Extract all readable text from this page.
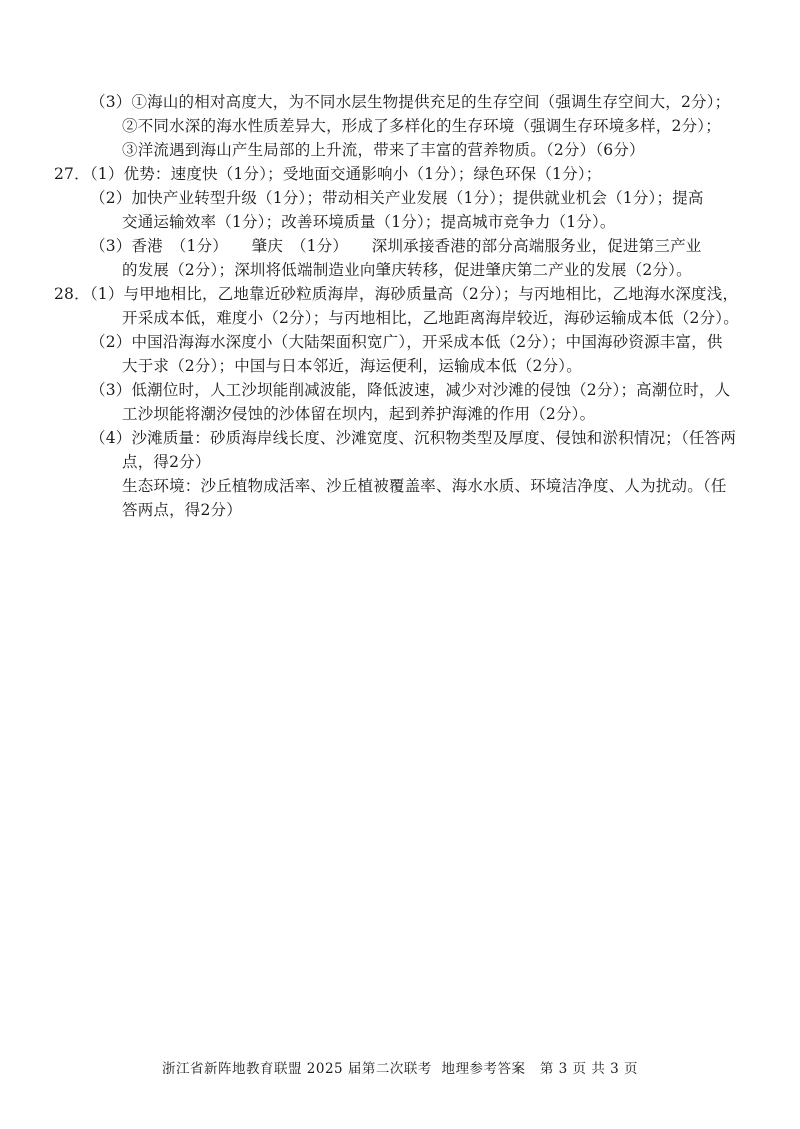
（3）①海山的相对高度大，为不同水层生物提供充足的生存空间（强调生存空间大，2分）；
②不同水深的海水性质差异大，形成了多样化的生存环境（强调生存环境多样，2分）；
③洋流遇到海山产生局部的上升流，带来了丰富的营养物质。（2分）（6分）
27．（1）优势：速度快（1分）；受地面交通影响小（1分）；绿色环保（1分）；
（2）加快产业转型升级（1分）；带动相关产业发展（1分）；提供就业机会（1分）；提高
交通运输效率（1分）；改善环境质量（1分）；提高城市竞争力（1分）。
（3）香港　（1分）　　肇庆　（1分）　　深圳承接香港的部分高端服务业，促进第三产业
的发展（2分）；深圳将低端制造业向肇庆转移，促进肇庆第二产业的发展（2分）。
28．（1）与甲地相比，乙地靠近砂粒质海岸，海砂质量高（2分）；与丙地相比，乙地海水深度浅，
开采成本低，难度小（2分）；与丙地相比，乙地距离海岸较近，海砂运输成本低（2分）。
（2）中国沿海海水深度小（大陆架面积宽广），开采成本低（2分）；中国海砂资源丰富，供
大于求（2分）；中国与日本邻近，海运便利，运输成本低（2分）。
（3）低潮位时，人工沙坝能削减波能，降低波速，减少对沙滩的侵蚀（2分）；高潮位时，人
工沙坝能将潮汐侵蚀的沙体留在坝内，起到养护海滩的作用（2分）。
（4）沙滩质量：砂质海岸线长度、沙滩宽度、沉积物类型及厚度、侵蚀和淤积情况；（任答两
点，得2分）
生态环境：沙丘植物成活率、沙丘植被覆盖率、海水水质、环境洁净度、人为扰动。（任
答两点，得2分）
浙江省新阵地教育联盟 2025 届第二次联考  地理参考答案   第 3 页 共 3 页
